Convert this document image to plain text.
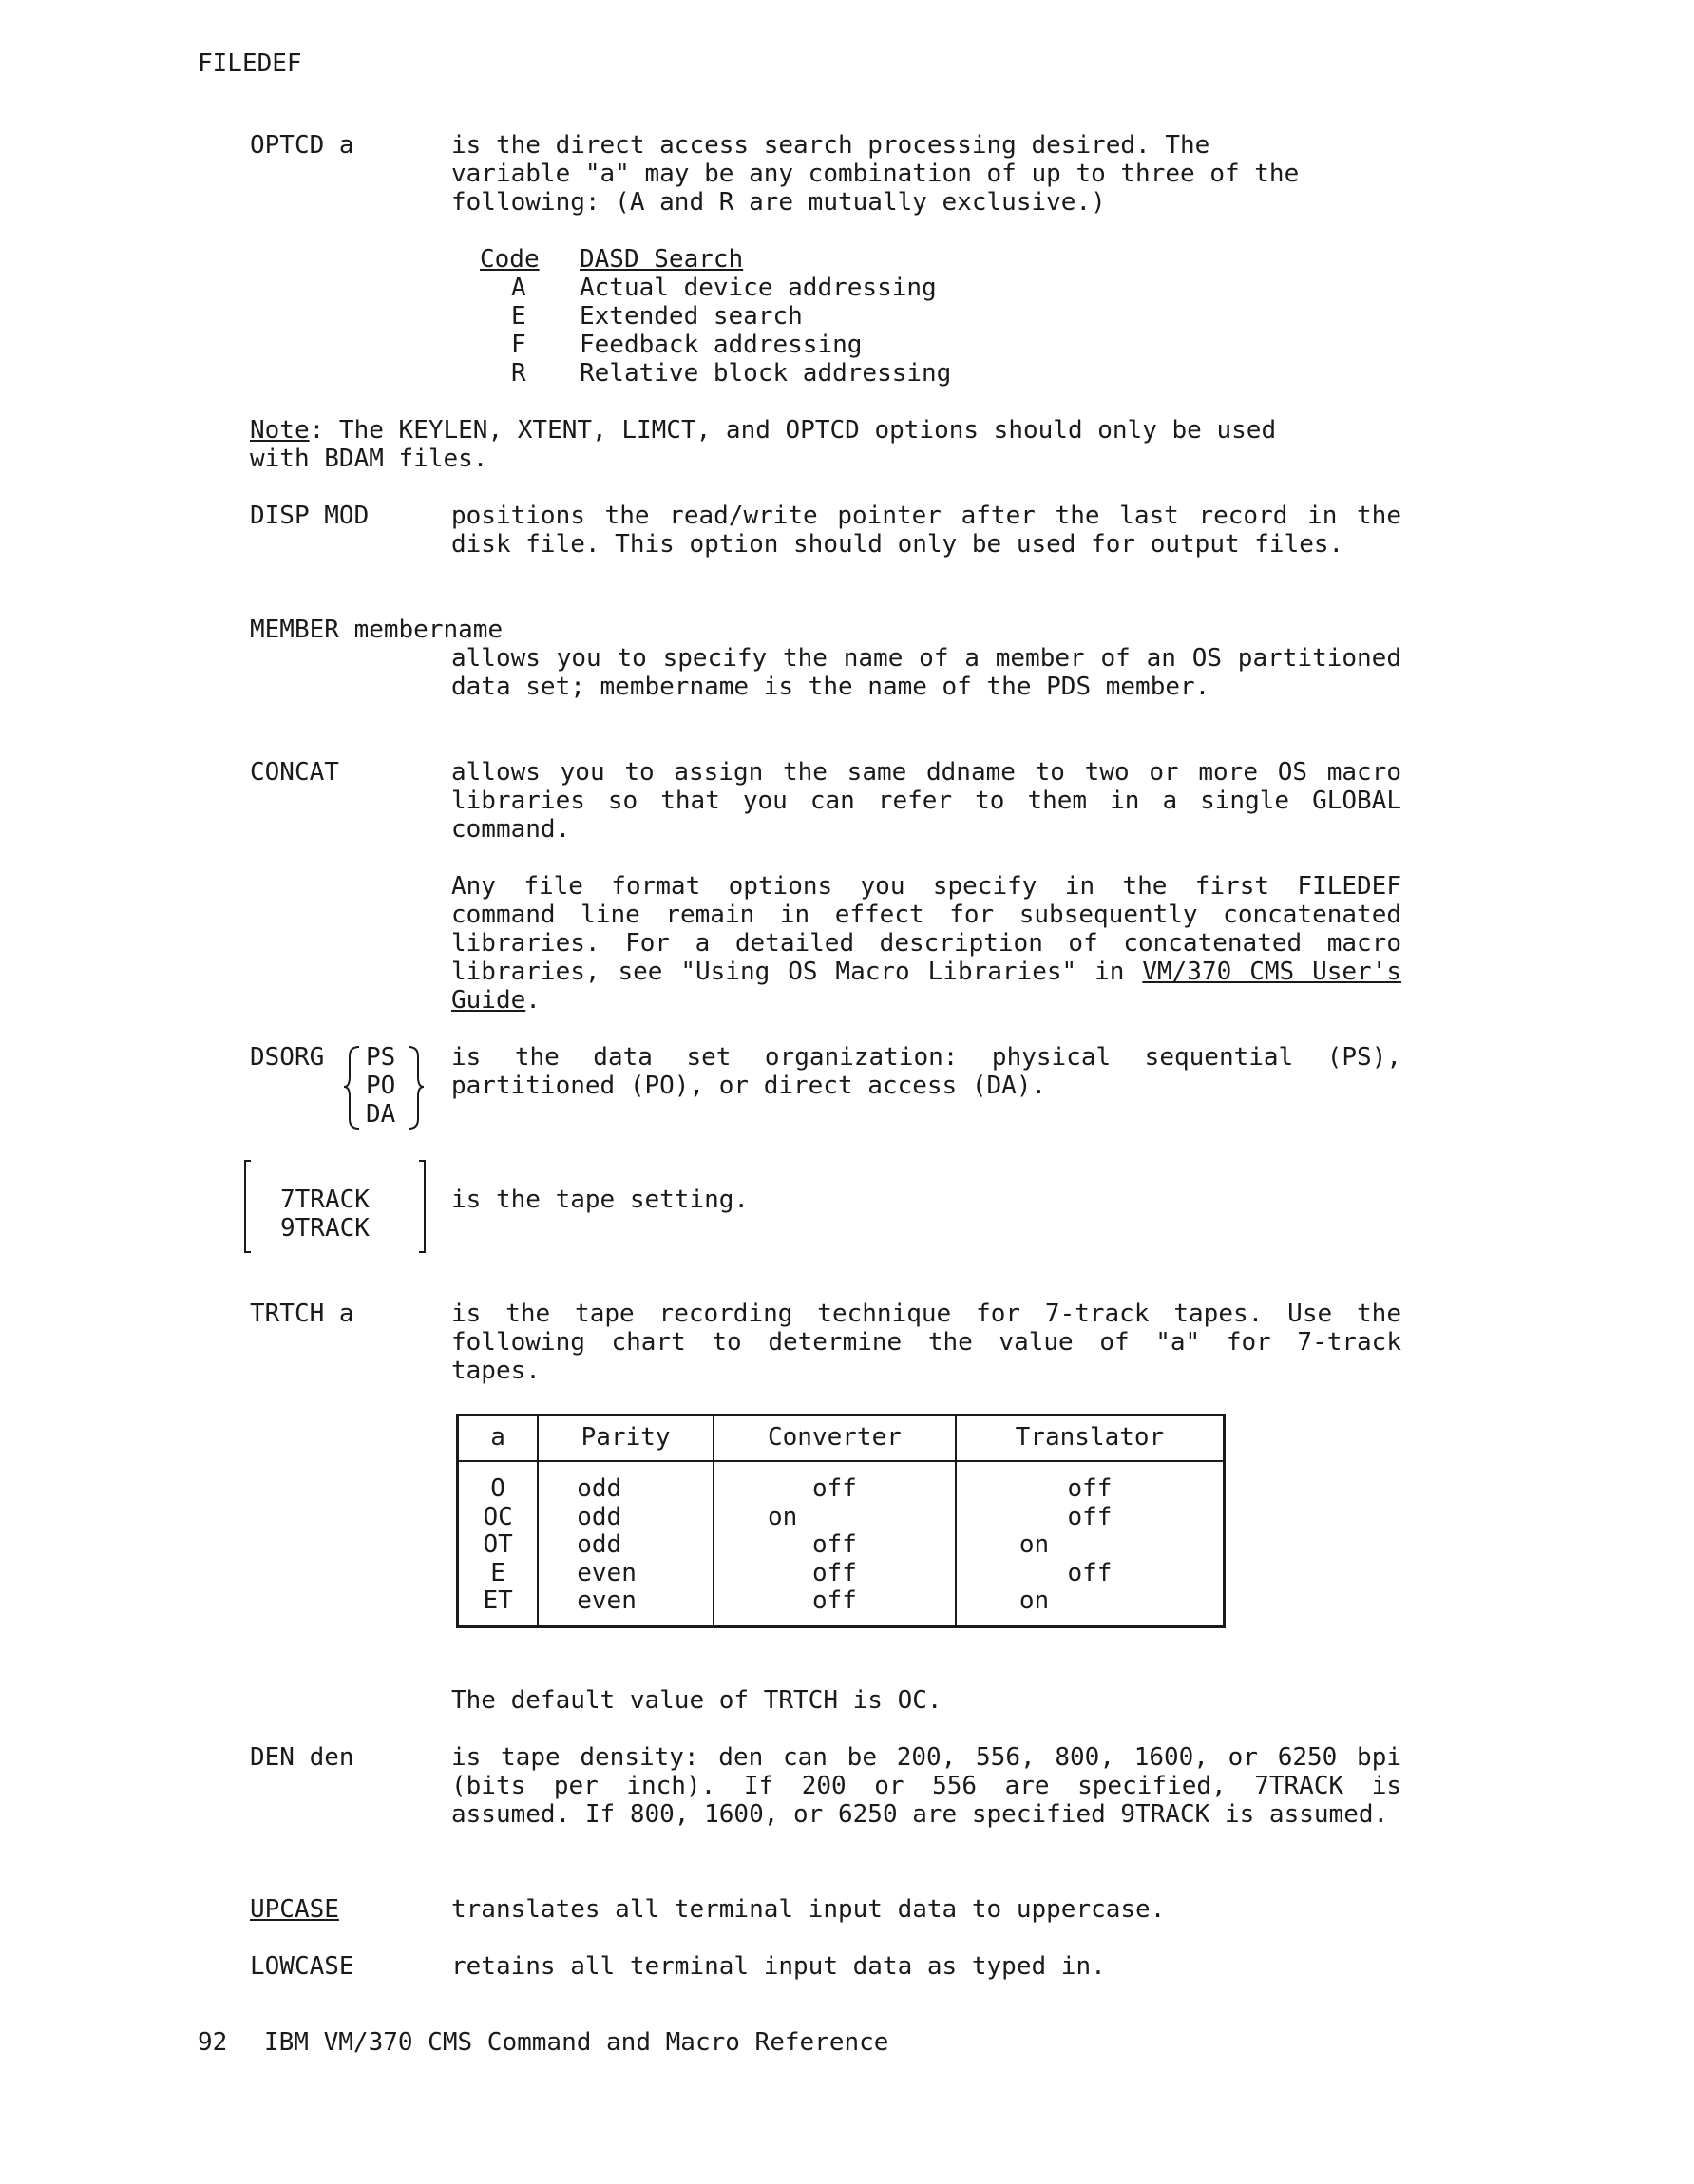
FILEDEF
OPTCD a	is the direct access search processing desired. The
variable "a" may be any combination of up to three of the
following: (A and R are mutually exclusive.)
Code DASD Search
A Actual device addressing
E Extended search
F Feedback addressing
R Relative block addressing
Note: The KEYLEN, XTENT, LIMCT, and OPTCD options should only be used
with BDAM files.
DISP MOD	positions the read/write pointer after the last record in the disk file. This option should only be used for output files.
MEMBER membername
allows you to specify the name of a member of an OS partitioned data set; membername is the name of the PDS member.
CONCAT	allows you to assign the same ddname to two or more OS macro libraries so that you can refer to them in a single GLOBAL command.
Any file format options you specify in the first FILEDEF command line remain in effect for subsequently concatenated libraries. For a detailed description of concatenated macro libraries, see "Using OS Macro Libraries" in VM/370 CMS User's Guide.
DSORG PS
PO
DA
is the data set organization: physical sequential (PS), partitioned (PO), or direct access (DA).
7TRACK
9TRACK
is the tape setting.
TRTCH a	is the tape recording technique for 7-track tapes. Use the following chart to determine the value of "a" for 7-track tapes.
a	Parity	Converter	Translator
O	odd	off	off
OC	odd	on	off
OT	odd	off	on
E	even	off	off
ET	even	off	on
The default value of TRTCH is OC.
DEN den	is tape density: den can be 200, 556, 800, 1600, or 6250 bpi (bits per inch). If 200 or 556 are specified, 7TRACK is assumed. If 800, 1600, or 6250 are specified 9TRACK is assumed.
UPCASE	translates all terminal input data to uppercase.
LOWCASE	retains all terminal input data as typed in.
92 IBM VM/370 CMS Command and Macro Reference
